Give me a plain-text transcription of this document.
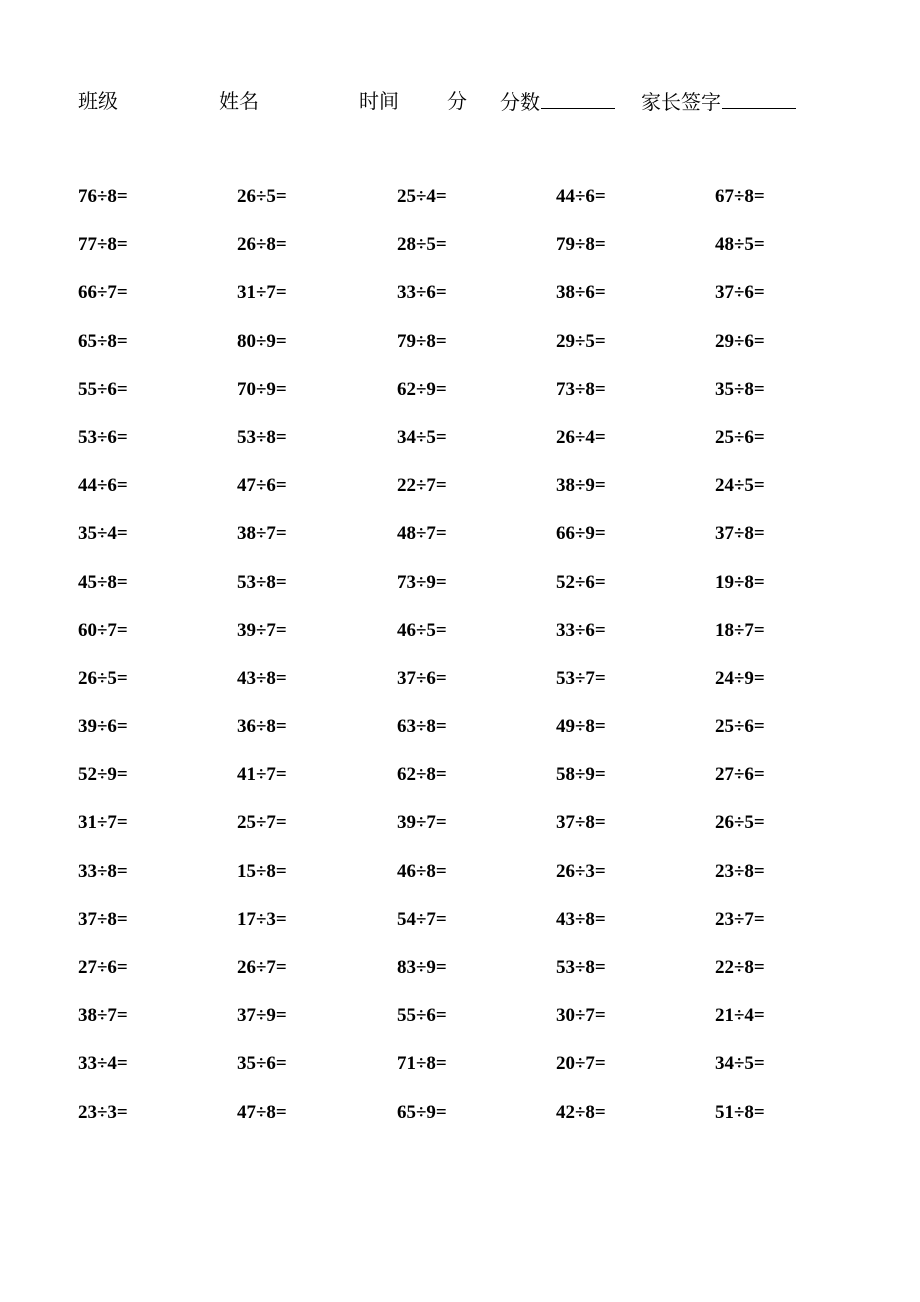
班级	姓名	时间 分 分数	家长签字
76÷8=	26÷5=	25÷4=	44÷6=	67÷8=
77÷8=	26÷8=	28÷5=	79÷8=	48÷5=
66÷7=	31÷7=	33÷6=	38÷6=	37÷6=
65÷8=	80÷9=	79÷8=	29÷5=	29÷6=
55÷6=	70÷9=	62÷9=	73÷8=	35÷8=
53÷6=	53÷8=	34÷5=	26÷4=	25÷6=
44÷6=	47÷6=	22÷7=	38÷9=	24÷5=
35÷4=	38÷7=	48÷7=	66÷9=	37÷8=
45÷8=	53÷8=	73÷9=	52÷6=	19÷8=
60÷7=	39÷7=	46÷5=	33÷6=	18÷7=
26÷5=	43÷8=	37÷6=	53÷7=	24÷9=
39÷6=	36÷8=	63÷8=	49÷8=	25÷6=
52÷9=	41÷7=	62÷8=	58÷9=	27÷6=
31÷7=	25÷7=	39÷7=	37÷8=	26÷5=
33÷8=	15÷8=	46÷8=	26÷3=	23÷8=
37÷8=	17÷3=	54÷7=	43÷8=	23÷7=
27÷6=	26÷7=	83÷9=	53÷8=	22÷8=
38÷7=	37÷9=	55÷6=	30÷7=	21÷4=
33÷4=	35÷6=	71÷8=	20÷7=	34÷5=
23÷3=	47÷8=	65÷9=	42÷8=	51÷8=
